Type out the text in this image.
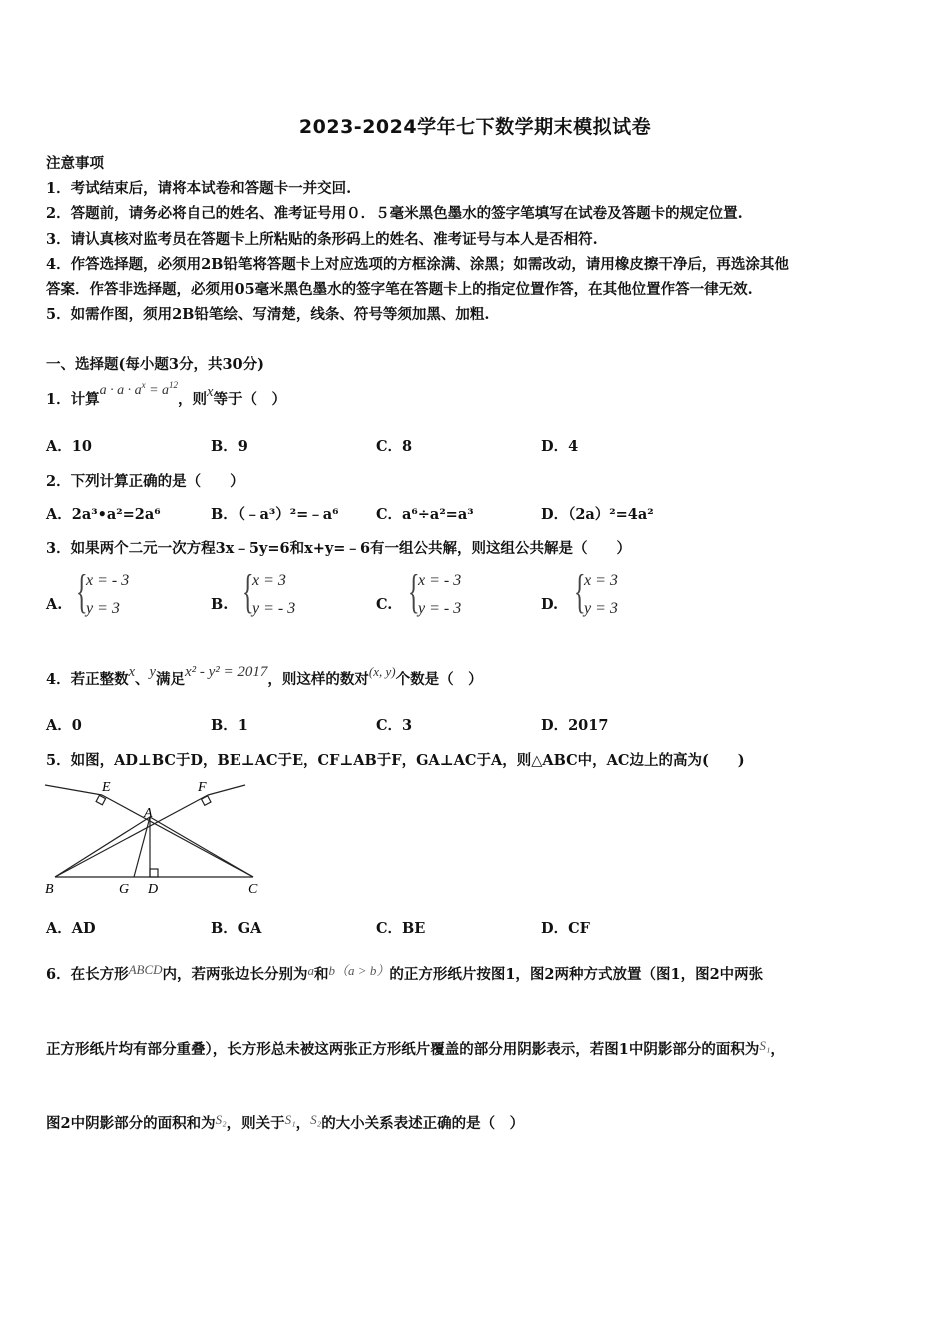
2023-2024学年七下数学期末模拟试卷
注意事项
1．考试结束后，请将本试卷和答题卡一并交回.
2．答题前，请务必将自己的姓名、准考证号用０．５毫米黑色墨水的签字笔填写在试卷及答题卡的规定位置.
3．请认真核对监考员在答题卡上所粘贴的条形码上的姓名、准考证号与本人是否相符.
4．作答选择题，必须用2B铅笔将答题卡上对应选项的方框涂满、涂黑；如需改动，请用橡皮擦干净后，再选涂其他
答案．作答非选择题，必须用05毫米黑色墨水的签字笔在答题卡上的指定位置作答，在其他位置作答一律无效.
5．如需作图，须用2B铅笔绘、写清楚，线条、符号等须加黑、加粗.
一、选择题(每小题3分，共30分)
1．计算$a \cdot a \cdot a^x = a^{12}$，则x等于（　）
A．10	B．9	C．8	D．4
2．下列计算正确的是（　　）
A．2a³•a²=2a⁶	B．（﹣a³）²=﹣a⁶	C．a⁶÷a²=a³	D．（2a）²=4a²
3．如果两个二元一次方程3x﹣5y=6和x+y=﹣6有一组公共解，则这组公共解是（　　）
A. {
x = - 3
y = 3	B. {
x = 3
y = - 3	C. {
x = - 3
y = - 3	D. {
x = 3
y = 3
4．若正整数x、y满足x² - y² = 2017，则这样的数对(x, y)个数是（　）
A．0	B．1	C．3	D．2017
5．如图，AD⊥BC于D，BE⊥AC于E，CF⊥AB于F，GA⊥AC于A，则△ABC中，AC边上的高为(　　)
E	F
A
B	G D	C
A．AD	B．GA	C．BE	D．CF
6．在长方形ABCD内，若两张边长分别为a和b（a > b）的正方形纸片按图1，图2两种方式放置（图1，图2中两张
正方形纸片均有部分重叠），长方形总未被这两张正方形纸片覆盖的部分用阴影表示，若图1中阴影部分的面积为S₁，
图2中阴影部分的面积和为S₂，则关于S₁，S₂的大小关系表述正确的是（　）
